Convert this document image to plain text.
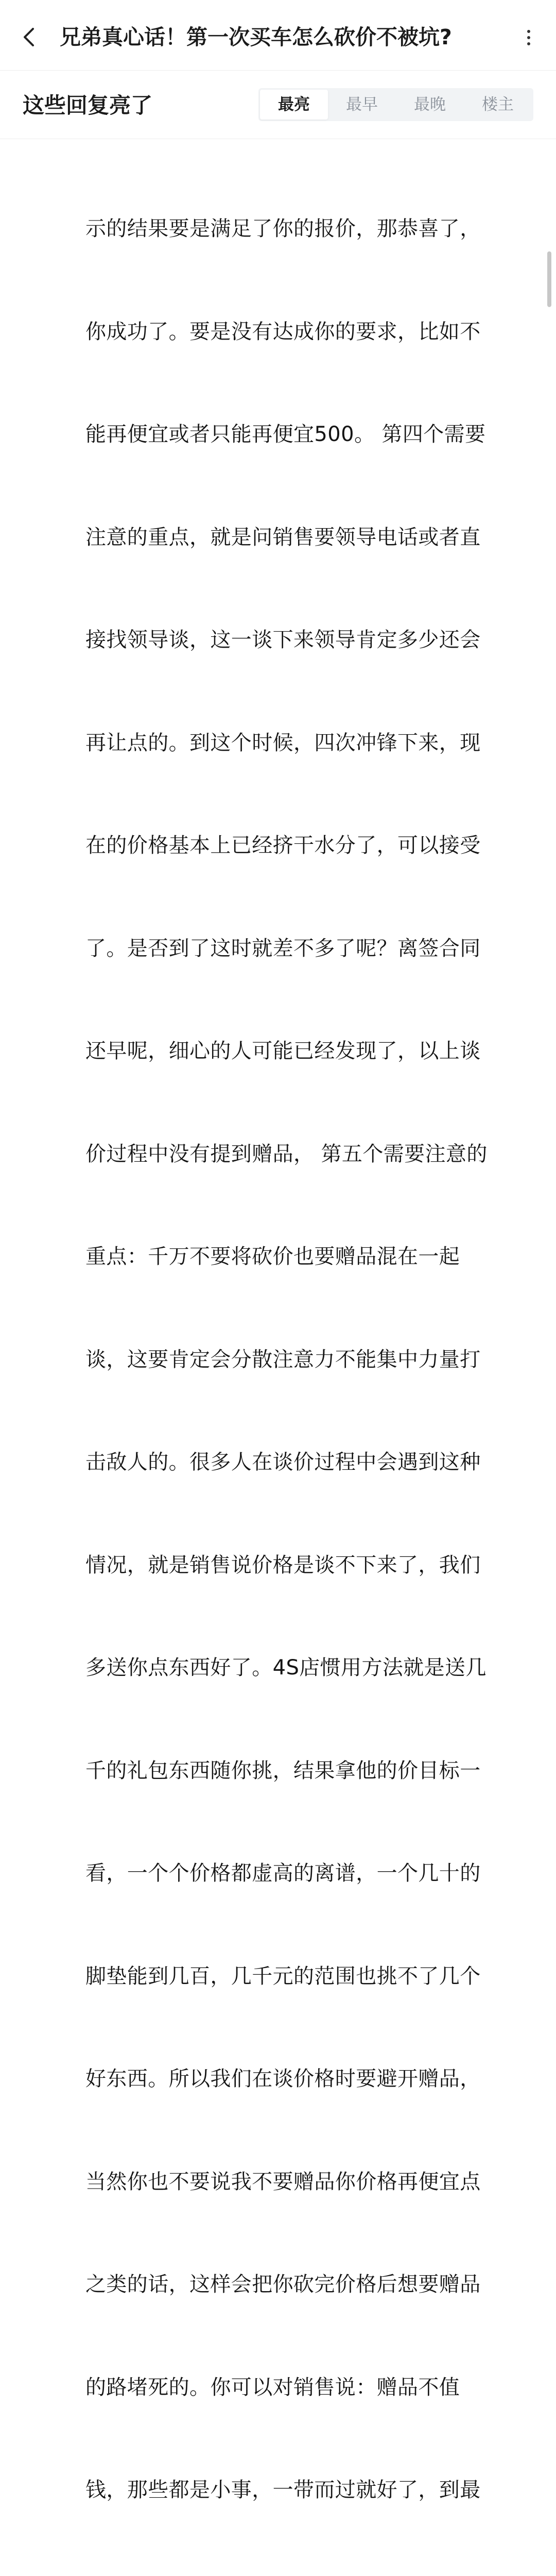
兄弟真心话！第一次买车怎么砍价不被坑?
这些回复亮了	最亮	最早	最晚	楼主

示的结果要是满足了你的报价，那恭喜了，

你成功了。要是没有达成你的要求，比如不

能再便宜或者只能再便宜500。 第四个需要

注意的重点，就是问销售要领导电话或者直

接找领导谈，这一谈下来领导肯定多少还会

再让点的。到这个时候，四次冲锋下来，现

在的价格基本上已经挤干水分了，可以接受

了。是否到了这时就差不多了呢？离签合同

还早呢，细心的人可能已经发现了，以上谈

价过程中没有提到赠品， 第五个需要注意的

重点：千万不要将砍价也要赠品混在一起

谈，这要肯定会分散注意力不能集中力量打

击敌人的。很多人在谈价过程中会遇到这种

情况，就是销售说价格是谈不下来了，我们

多送你点东西好了。4S店惯用方法就是送几

千的礼包东西随你挑，结果拿他的价目标一

看，一个个价格都虚高的离谱，一个几十的

脚垫能到几百，几千元的范围也挑不了几个

好东西。所以我们在谈价格时要避开赠品，

当然你也不要说我不要赠品你价格再便宜点

之类的话，这样会把你砍完价格后想要赠品

的路堵死的。你可以对销售说：赠品不值

钱，那些都是小事，一带而过就好了，到最
